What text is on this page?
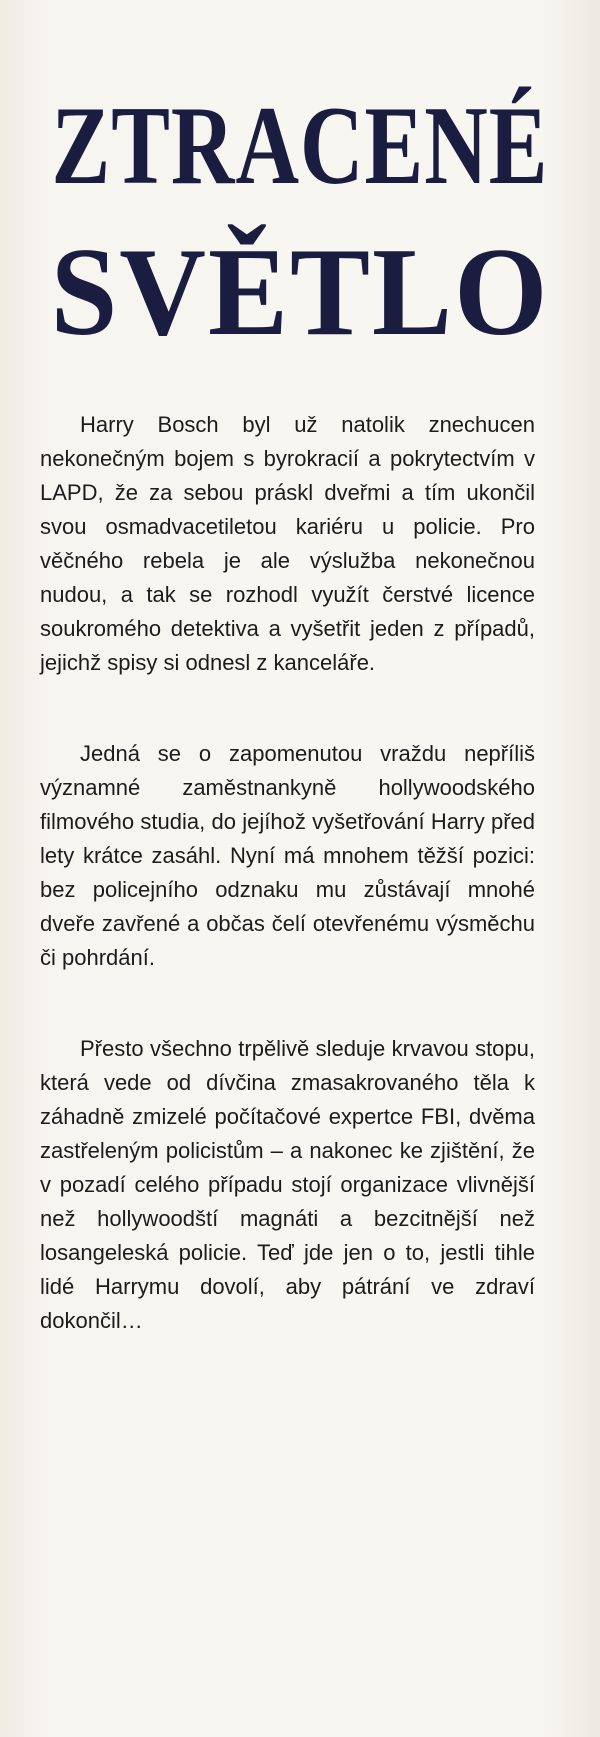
ZTRACENÉ
SVĚTLO

Harry Bosch byl už natolik znechucen nekonečným bojem s byrokracií a pokrytectvím v LAPD, že za sebou práskl dveřmi a tím ukončil svou osmadvacetiletou kariéru u policie. Pro věčného rebela je ale výslužba nekonečnou nudou, a tak se rozhodl využít čerstvé licence soukromého detektiva a vyšetřit jeden z případů, jejichž spisy si odnesl z kanceláře.

Jedná se o zapomenutou vraždu nepříliš významné zaměstnankyně hollywoodského filmového studia, do jejíhož vyšetřování Harry před lety krátce zasáhl. Nyní má mnohem těžší pozici: bez policejního odznaku mu zůstávají mnohé dveře zavřené a občas čelí otevřenému výsměchu či pohrdání.

Přesto všechno trpělivě sleduje krvavou stopu, která vede od dívčina zmasakrovaného těla k záhadně zmizelé počítačové expertce FBI, dvěma zastřeleným policistům – a nakonec ke zjištění, že v pozadí celého případu stojí organizace vlivnější než hollywoodští magnáti a bezcitnější než losangeleská policie. Teď jde jen o to, jestli tihle lidé Harrymu dovolí, aby pátrání ve zdraví dokončil…
